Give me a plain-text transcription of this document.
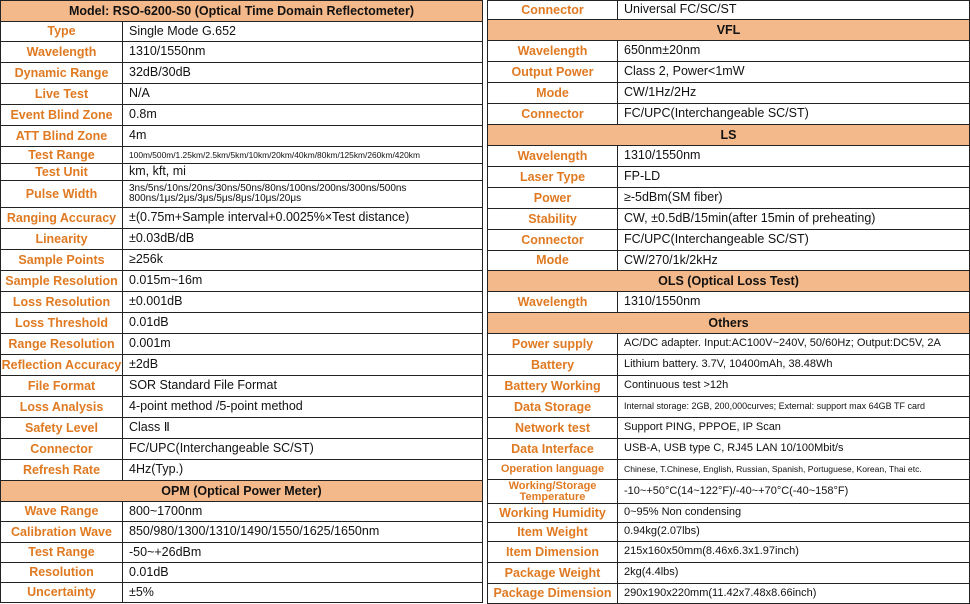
Model: RSO-6200-S0 (Optical Time Domain Reflectometer)
Type	Single Mode G.652
Wavelength	1310/1550nm
Dynamic Range	32dB/30dB
Live Test	N/A
Event Blind Zone	0.8m
ATT Blind Zone	4m
Test Range	100m/500m/1.25km/2.5km/5km/10km/20km/40km/80km/125km/260km/420km
Test Unit	km, kft, mi
Pulse Width	3ns/5ns/10ns/20ns/30ns/50ns/80ns/100ns/200ns/300ns/500ns
800ns/1μs/2μs/3μs/5μs/8μs/10μs/20μs
Ranging Accuracy	±(0.75m+Sample interval+0.0025%×Test distance)
Linearity	±0.03dB/dB
Sample Points	≥256k
Sample Resolution 0.015m~16m
Loss Resolution	±0.001dB
Loss Threshold	0.01dB
Range Resolution	0.001m
Reflection Accuracy ±2dB
File Format	SOR Standard File Format
Loss Analysis	4-point method /5-point method
Safety Level	Class Ⅱ
Connector	FC/UPC(Interchangeable SC/ST)
Refresh Rate	4Hz(Typ.)
OPM (Optical Power Meter)
Wave Range	800~1700nm
Calibration Wave	850/980/1300/1310/1490/1550/1625/1650nm
Test Range	-50~+26dBm
Resolution	0.01dB
Uncertainty	±5%
Connector	Universal FC/SC/ST
VFL
Wavelength	650nm±20nm
Output Power	Class 2, Power<1mW
Mode	CW/1Hz/2Hz
Connector	FC/UPC(Interchangeable SC/ST)
LS
Wavelength	1310/1550nm
Laser Type	FP-LD
Power	≥-5dBm(SM fiber)
Stability	CW, ±0.5dB/15min(after 15min of preheating)
Connector	FC/UPC(Interchangeable SC/ST)
Mode	CW/270/1k/2kHz
OLS (Optical Loss Test)
Wavelength	1310/1550nm
Others
Power supply	AC/DC adapter. Input:AC100V~240V, 50/60Hz; Output:DC5V, 2A
Battery	Lithium battery. 3.7V, 10400mAh, 38.48Wh
Battery Working	Continuous test >12h
Data Storage	Internal storage: 2GB, 200,000curves; External: support max 64GB TF card
Network test	Support PING, PPPOE, IP Scan
Data Interface	USB-A, USB type C, RJ45 LAN 10/100Mbit/s
Operation language	Chinese, T.Chinese, English, Russian, Spanish, Portuguese, Korean, Thai etc.
Working/Storage
Temperature	-10~+50°C(14~122°F)/-40~+70°C(-40~158°F)
Working Humidity	0~95% Non condensing
Item Weight	0.94kg(2.07lbs)
Item Dimension	215x160x50mm(8.46x6.3x1.97inch)
Package Weight	2kg(4.4lbs)
Package Dimension	290x190x220mm(11.42x7.48x8.66inch)
